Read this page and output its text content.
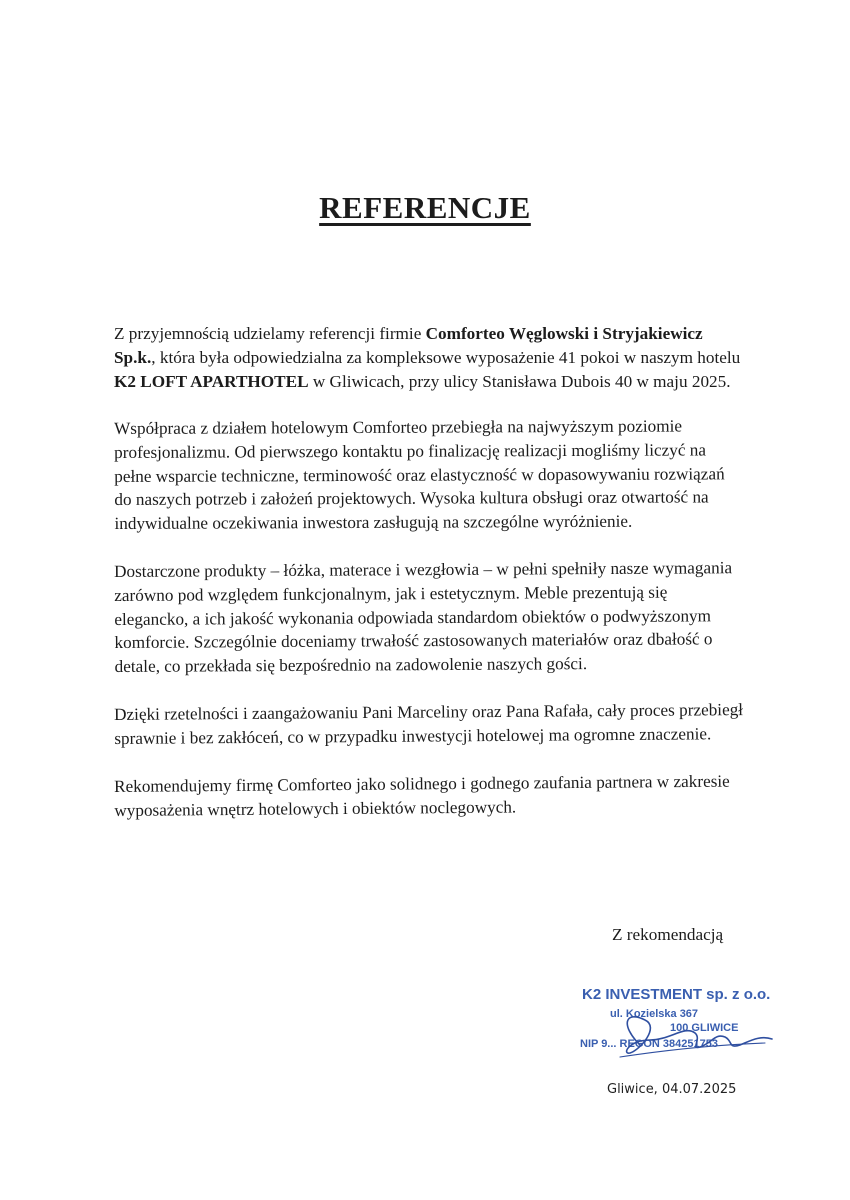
REFERENCJE

Z przyjemnością udzielamy referencji firmie Comforteo Węglowski i Stryjakiewicz Sp.k., która była odpowiedzialna za kompleksowe wyposażenie 41 pokoi w naszym hotelu K2 LOFT APARTHOTEL w Gliwicach, przy ulicy Stanisława Dubois 40 w maju 2025.

Współpraca z działem hotelowym Comforteo przebiegła na najwyższym poziomie profesjonalizmu. Od pierwszego kontaktu po finalizację realizacji mogliśmy liczyć na pełne wsparcie techniczne, terminowość oraz elastyczność w dopasowywaniu rozwiązań do naszych potrzeb i założeń projektowych. Wysoka kultura obsługi oraz otwartość na indywidualne oczekiwania inwestora zasługują na szczególne wyróżnienie.

Dostarczone produkty – łóżka, materace i wezgłowia – w pełni spełniły nasze wymagania zarówno pod względem funkcjonalnym, jak i estetycznym. Meble prezentują się elegancko, a ich jakość wykonania odpowiada standardom obiektów o podwyższonym komforcie. Szczególnie doceniamy trwałość zastosowanych materiałów oraz dbałość o detale, co przekłada się bezpośrednio na zadowolenie naszych gości.

Dzięki rzetelności i zaangażowaniu Pani Marceliny oraz Pana Rafała, cały proces przebiegł sprawnie i bez zakłóceń, co w przypadku inwestycji hotelowej ma ogromne znaczenie.

Rekomendujemy firmę Comforteo jako solidnego i godnego zaufania partnera w zakresie wyposażenia wnętrz hotelowych i obiektów noclegowych.

Z rekomendacją
K2 INVESTMENT sp. z o.o.
ul. Kozielska 367
100 GLIWICE
NIP 9... REGON 384251753
Gliwice, 04.07.2025
